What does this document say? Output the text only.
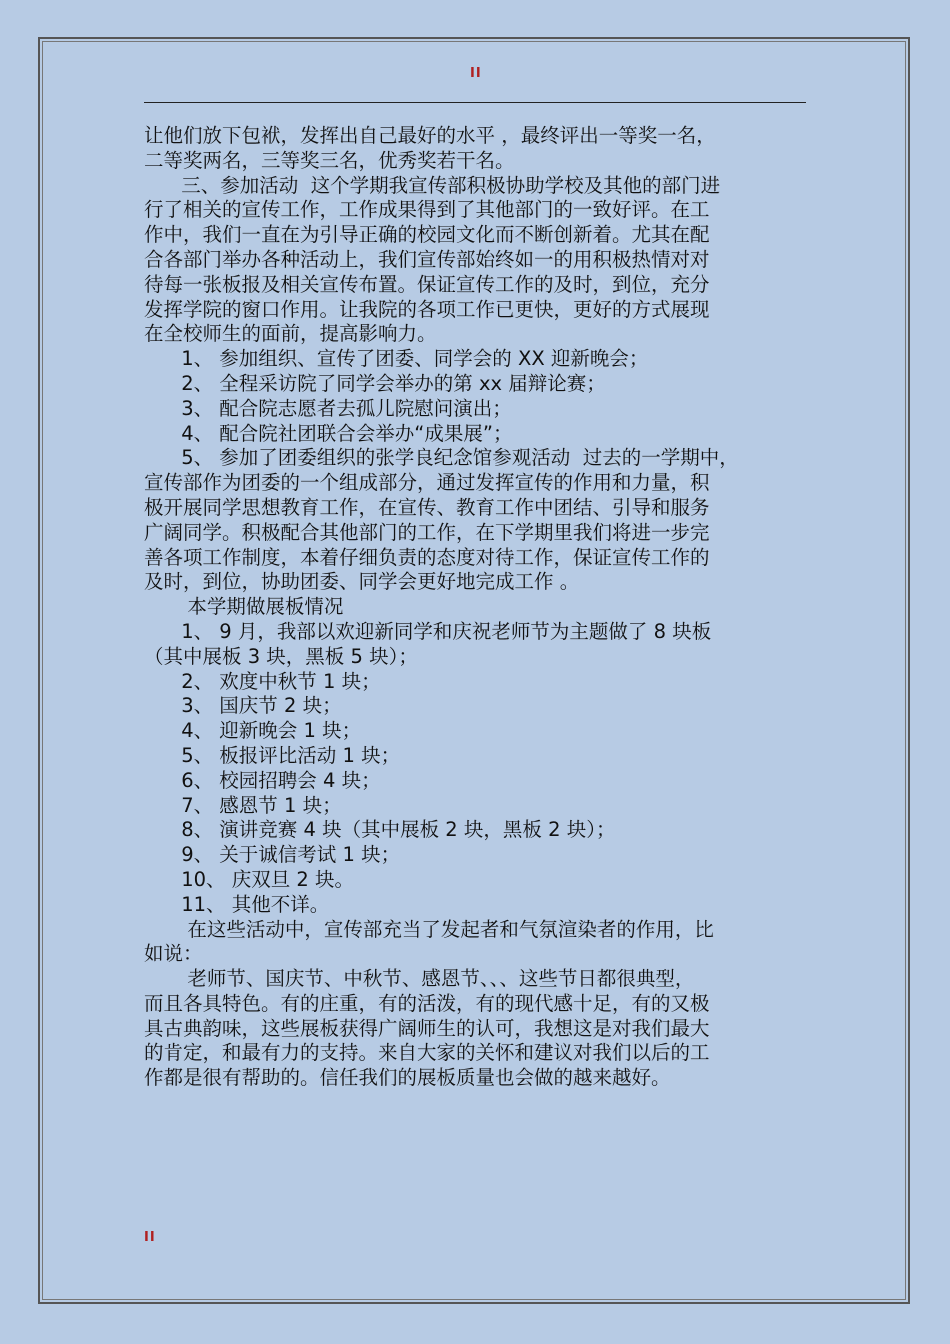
II
让他们放下包袱，发挥出自己最好的水平 ，最终评出一等奖一名，
二等奖两名，三等奖三名，优秀奖若干名。
三、参加活动  这个学期我宣传部积极协助学校及其他的部门进
行了相关的宣传工作，工作成果得到了其他部门的一致好评。在工
作中，我们一直在为引导正确的校园文化而不断创新着。尤其在配
合各部门举办各种活动上，我们宣传部始终如一的用积极热情对对
待每一张板报及相关宣传布置。保证宣传工作的及时，到位，充分
发挥学院的窗口作用。让我院的各项工作已更快，更好的方式展现
在全校师生的面前，提高影响力。
1、 参加组织、宣传了团委、同学会的 XX 迎新晚会；
2、 全程采访院了同学会举办的第 xx 届辩论赛；
3、 配合院志愿者去孤儿院慰问演出；
4、 配合院社团联合会举办“成果展”；
5、 参加了团委组织的张学良纪念馆参观活动  过去的一学期中，
宣传部作为团委的一个组成部分，通过发挥宣传的作用和力量，积
极开展同学思想教育工作，在宣传、教育工作中团结、引导和服务
广阔同学。积极配合其他部门的工作，在下学期里我们将进一步完
善各项工作制度，本着仔细负责的态度对待工作，保证宣传工作的
及时，到位，协助团委、同学会更好地完成工作 。
本学期做展板情况
1、 9 月，我部以欢迎新同学和庆祝老师节为主题做了 8 块板
（其中展板 3 块，黑板 5 块）；
2、 欢度中秋节 1 块；
3、 国庆节 2 块；
4、 迎新晚会 1 块；
5、 板报评比活动 1 块；
6、 校园招聘会 4 块；
7、 感恩节 1 块；
8、 演讲竞赛 4 块（其中展板 2 块，黑板 2 块）；
9、 关于诚信考试 1 块；
10、 庆双旦 2 块。
11、 其他不详。
在这些活动中，宣传部充当了发起者和气氛渲染者的作用，比
如说：
老师节、国庆节、中秋节、感恩节、、、这些节日都很典型，
而且各具特色。有的庄重，有的活泼，有的现代感十足，有的又极
具古典韵味，这些展板获得广阔师生的认可，我想这是对我们最大
的肯定，和最有力的支持。来自大家的关怀和建议对我们以后的工
作都是很有帮助的。信任我们的展板质量也会做的越来越好。
II
